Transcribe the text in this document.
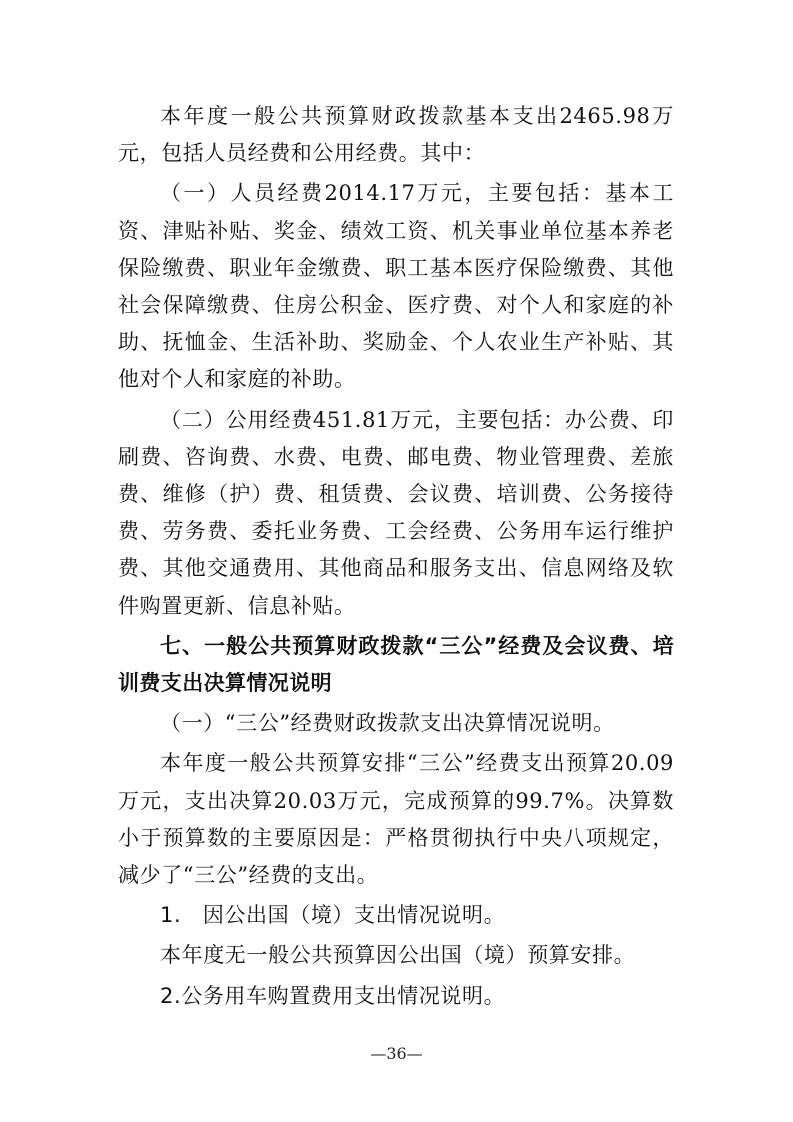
本年度一般公共预算财政拨款基本支出2465.98万元，包括人员经费和公用经费。其中：

（一）人员经费2014.17万元，主要包括：基本工资、津贴补贴、奖金、绩效工资、机关事业单位基本养老保险缴费、职业年金缴费、职工基本医疗保险缴费、其他社会保障缴费、住房公积金、医疗费、对个人和家庭的补助、抚恤金、生活补助、奖励金、个人农业生产补贴、其他对个人和家庭的补助。

（二）公用经费451.81万元，主要包括：办公费、印刷费、咨询费、水费、电费、邮电费、物业管理费、差旅费、维修（护）费、租赁费、会议费、培训费、公务接待费、劳务费、委托业务费、工会经费、公务用车运行维护费、其他交通费用、其他商品和服务支出、信息网络及软件购置更新、信息补贴。

七、一般公共预算财政拨款“三公”经费及会议费、培训费支出决算情况说明

（一）“三公”经费财政拨款支出决算情况说明。

本年度一般公共预算安排“三公”经费支出预算20.09万元，支出决算20.03万元，完成预算的99.7%。决算数小于预算数的主要原因是：严格贯彻执行中央八项规定，减少了“三公”经费的支出。

1.　因公出国（境）支出情况说明。

本年度无一般公共预算因公出国（境）预算安排。

2.公务用车购置费用支出情况说明。

—36—
